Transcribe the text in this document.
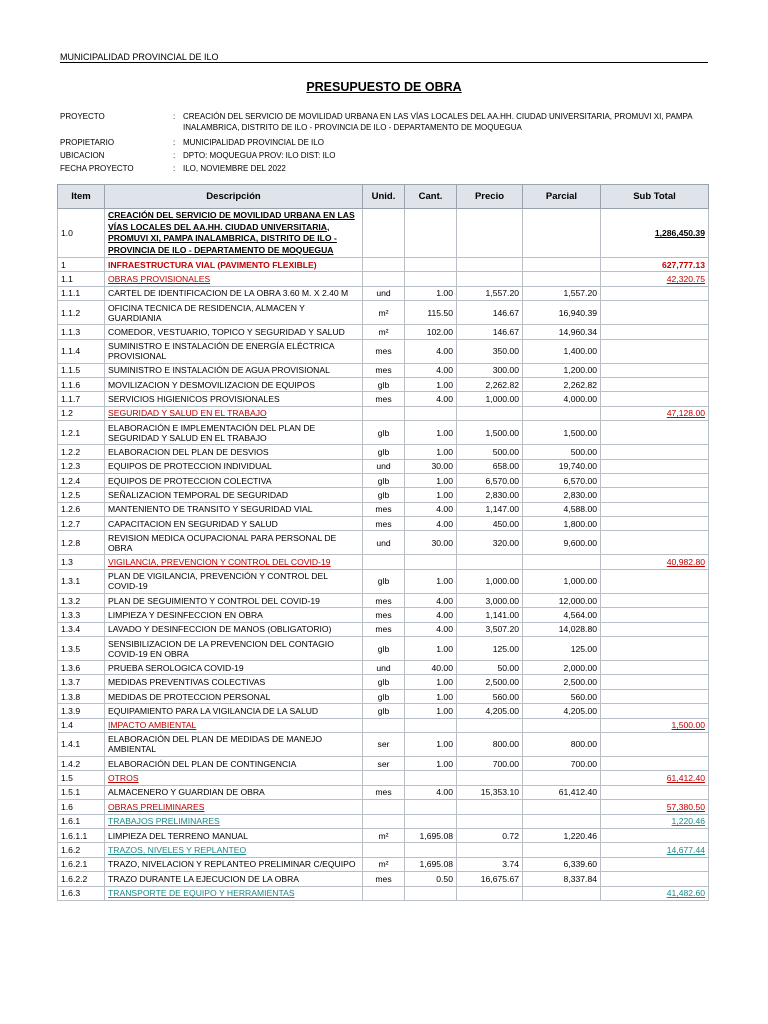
MUNICIPALIDAD PROVINCIAL DE ILO
PRESUPUESTO DE OBRA
PROYECTO	: CREACIÓN DEL SERVICIO DE MOVILIDAD URBANA EN LAS VÍAS LOCALES DEL AA.HH. CIUDAD UNIVERSITARIA, PROMUVI XI, PAMPA INALAMBRICA, DISTRITO DE ILO - PROVINCIA DE ILO - DEPARTAMENTO DE MOQUEGUA
PROPIETARIO	: MUNICIPALIDAD PROVINCIAL DE ILO
UBICACION	: DPTO: MOQUEGUA PROV: ILO DIST: ILO
FECHA PROYECTO	: ILO, NOVIEMBRE DEL 2022
Item	Descripción	Unid.	Cant.	Precio	Parcial	Sub Total
1.0	CREACIÓN DEL SERVICIO DE MOVILIDAD URBANA EN LAS VÍAS LOCALES DEL AA.HH. CIUDAD UNIVERSITARIA, PROMUVI XI, PAMPA INALAMBRICA, DISTRITO DE ILO - PROVINCIA DE ILO - DEPARTAMENTO DE MOQUEGUA					1,286,450.39
1	INFRAESTRUCTURA VIAL (PAVIMENTO FLEXIBLE)					627,777.13
1.1	OBRAS PROVISIONALES					42,320.75
1.1.1	CARTEL DE IDENTIFICACION DE LA OBRA 3.60 M. X 2.40 M	und	1.00	1,557.20	1,557.20	
1.1.2	OFICINA TECNICA DE RESIDENCIA, ALMACEN Y GUARDIANIA	m²	115.50	146.67	16,940.39	
1.1.3	COMEDOR, VESTUARIO, TOPICO Y SEGURIDAD Y SALUD	m²	102.00	146.67	14,960.34	
1.1.4	SUMINISTRO E INSTALACIÓN DE ENERGÍA ELÉCTRICA PROVISIONAL	mes	4.00	350.00	1,400.00	
1.1.5	SUMINISTRO E INSTALACIÓN DE AGUA PROVISIONAL	mes	4.00	300.00	1,200.00	
1.1.6	MOVILIZACION Y DESMOVILIZACION DE EQUIPOS	glb	1.00	2,262.82	2,262.82	
1.1.7	SERVICIOS HIGIENICOS PROVISIONALES	mes	4.00	1,000.00	4,000.00	
1.2	SEGURIDAD Y SALUD EN EL TRABAJO					47,128.00
1.2.1	ELABORACIÓN E IMPLEMENTACIÓN DEL PLAN DE SEGURIDAD Y SALUD EN EL TRABAJO	glb	1.00	1,500.00	1,500.00	
1.2.2	ELABORACION DEL PLAN DE DESVIOS	glb	1.00	500.00	500.00	
1.2.3	EQUIPOS DE PROTECCION INDIVIDUAL	und	30.00	658.00	19,740.00	
1.2.4	EQUIPOS DE PROTECCION COLECTIVA	glb	1.00	6,570.00	6,570.00	
1.2.5	SEÑALIZACION TEMPORAL DE SEGURIDAD	glb	1.00	2,830.00	2,830.00	
1.2.6	MANTENIENTO DE TRANSITO Y SEGURIDAD VIAL	mes	4.00	1,147.00	4,588.00	
1.2.7	CAPACITACION EN SEGURIDAD Y SALUD	mes	4.00	450.00	1,800.00	
1.2.8	REVISION MEDICA OCUPACIONAL PARA PERSONAL DE OBRA	und	30.00	320.00	9,600.00	
1.3	VIGILANCIA, PREVENCION Y CONTROL DEL COVID-19					40,982.80
1.3.1	PLAN DE VIGILANCIA, PREVENCIÓN Y CONTROL DEL COVID-19	glb	1.00	1,000.00	1,000.00	
1.3.2	PLAN DE SEGUIMIENTO Y CONTROL DEL COVID-19	mes	4.00	3,000.00	12,000.00	
1.3.3	LIMPIEZA Y DESINFECCION EN OBRA	mes	4.00	1,141.00	4,564.00	
1.3.4	LAVADO Y DESINFECCION DE MANOS (OBLIGATORIO)	mes	4.00	3,507.20	14,028.80	
1.3.5	SENSIBILIZACION DE LA PREVENCION DEL CONTAGIO COVID-19 EN OBRA	glb	1.00	125.00	125.00	
1.3.6	PRUEBA SEROLOGICA COVID-19	und	40.00	50.00	2,000.00	
1.3.7	MEDIDAS PREVENTIVAS COLECTIVAS	glb	1.00	2,500.00	2,500.00	
1.3.8	MEDIDAS DE PROTECCION PERSONAL	glb	1.00	560.00	560.00	
1.3.9	EQUIPAMIENTO PARA LA VIGILANCIA DE LA SALUD	glb	1.00	4,205.00	4,205.00	
1.4	IMPACTO AMBIENTAL					1,500.00
1.4.1	ELABORACIÓN DEL PLAN DE MEDIDAS DE MANEJO AMBIENTAL	ser	1.00	800.00	800.00	
1.4.2	ELABORACIÓN DEL PLAN DE CONTINGENCIA	ser	1.00	700.00	700.00	
1.5	OTROS					61,412.40
1.5.1	ALMACENERO Y GUARDIAN DE OBRA	mes	4.00	15,353.10	61,412.40	
1.6	OBRAS PRELIMINARES					57,380.50
1.6.1	TRABAJOS PRELIMINARES					1,220.46
1.6.1.1	LIMPIEZA DEL TERRENO MANUAL	m²	1,695.08	0.72	1,220.46	
1.6.2	TRAZOS, NIVELES Y REPLANTEO					14,677.44
1.6.2.1	TRAZO, NIVELACION Y REPLANTEO PRELIMINAR C/EQUIPO	m²	1,695.08	3.74	6,339.60	
1.6.2.2	TRAZO DURANTE LA EJECUCION DE LA OBRA	mes	0.50	16,675.67	8,337.84	
1.6.3	TRANSPORTE DE EQUIPO Y HERRAMIENTAS					41,482.60
